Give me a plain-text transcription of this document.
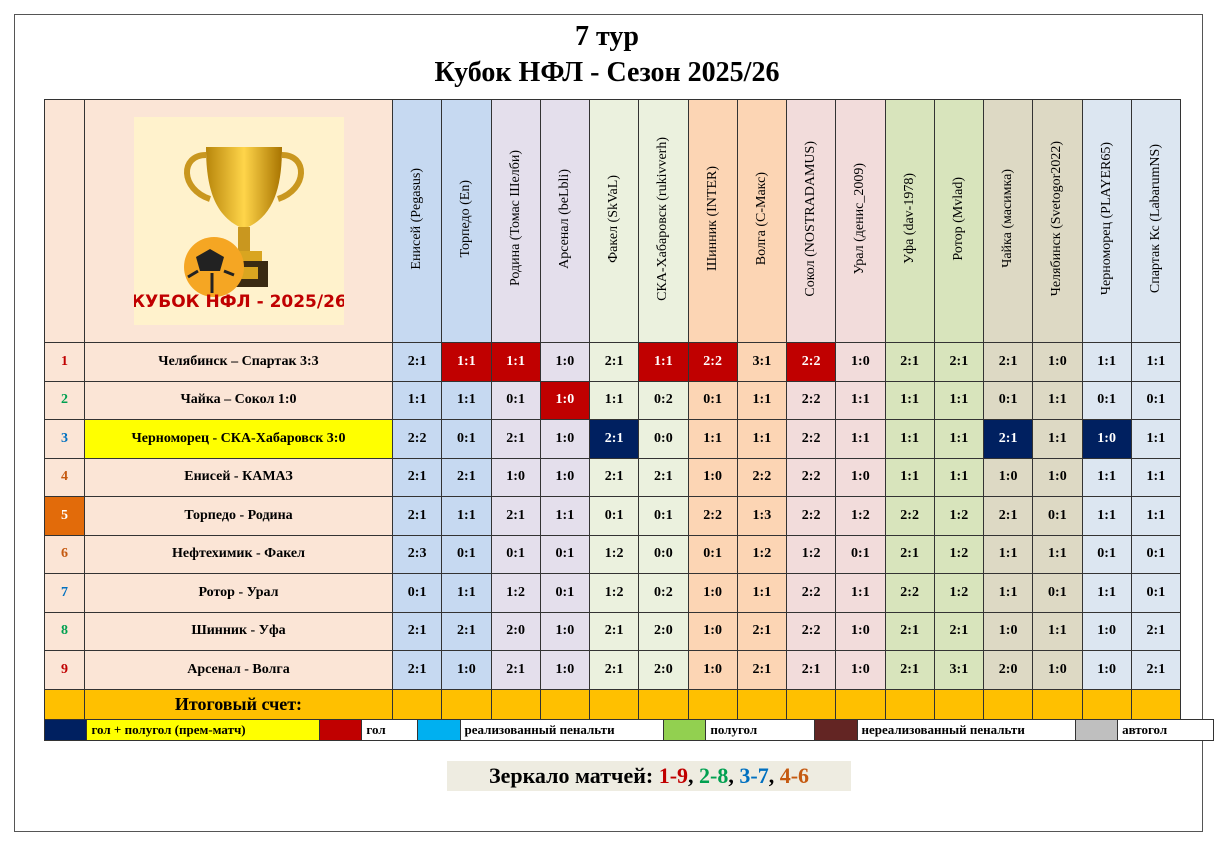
7 тур
Кубок НФЛ - Сезон 2025/26

КУБОК НФЛ - 2025/26	Енисей (Pegasus)	Торпедо (En)	Родина (Томас Шелби)	Арсенал (beLbli)	Факел (SkVaL)	СКА-Хабаровск (rukivverh)	Шинник (INTER)	Волга (С-Макс)	Сокол (NOSTRADAMUS)	Урал (денис_2009)	Уфа (dav-1978)	Ротор (Mvlad)	Чайка (масимка)	Челябинск (Svetogor2022)	Черноморец (PLAYER65)	Спартак Кс (LabarumNS)
1	Челябинск – Спартак 3:3	2:1	1:1	1:1	1:0	2:1	1:1	2:2	3:1	2:2	1:0	2:1	2:1	2:1	1:0	1:1	1:1
2	Чайка – Сокол 1:0	1:1	1:1	0:1	1:0	1:1	0:2	0:1	1:1	2:2	1:1	1:1	1:1	0:1	1:1	0:1	0:1
3	Черноморец - СКА-Хабаровск 3:0	2:2	0:1	2:1	1:0	2:1	0:0	1:1	1:1	2:2	1:1	1:1	1:1	2:1	1:1	1:0	1:1
4	Енисей - КАМАЗ	2:1	2:1	1:0	1:0	2:1	2:1	1:0	2:2	2:2	1:0	1:1	1:1	1:0	1:0	1:1	1:1
5	Торпедо - Родина	2:1	1:1	2:1	1:1	0:1	0:1	2:2	1:3	2:2	1:2	2:2	1:2	2:1	0:1	1:1	1:1
6	Нефтехимик - Факел	2:3	0:1	0:1	0:1	1:2	0:0	0:1	1:2	1:2	0:1	2:1	1:2	1:1	1:1	0:1	0:1
7	Ротор - Урал	0:1	1:1	1:2	0:1	1:2	0:2	1:0	1:1	2:2	1:1	2:2	1:2	1:1	0:1	1:1	0:1
8	Шинник - Уфа	2:1	2:1	2:0	1:0	2:1	2:0	1:0	2:1	2:2	1:0	2:1	2:1	1:0	1:1	1:0	2:1
9	Арсенал - Волга	2:1	1:0	2:1	1:0	2:1	2:0	1:0	2:1	2:1	1:0	2:1	3:1	2:0	1:0	1:0	2:1
	Итоговый счет:																
	гол + полугол (прем-матч)		гол		реализованный пенальти		полугол		нереализованный пенальти		автогол
Зеркало матчей: 1-9, 2-8, 3-7, 4-6
